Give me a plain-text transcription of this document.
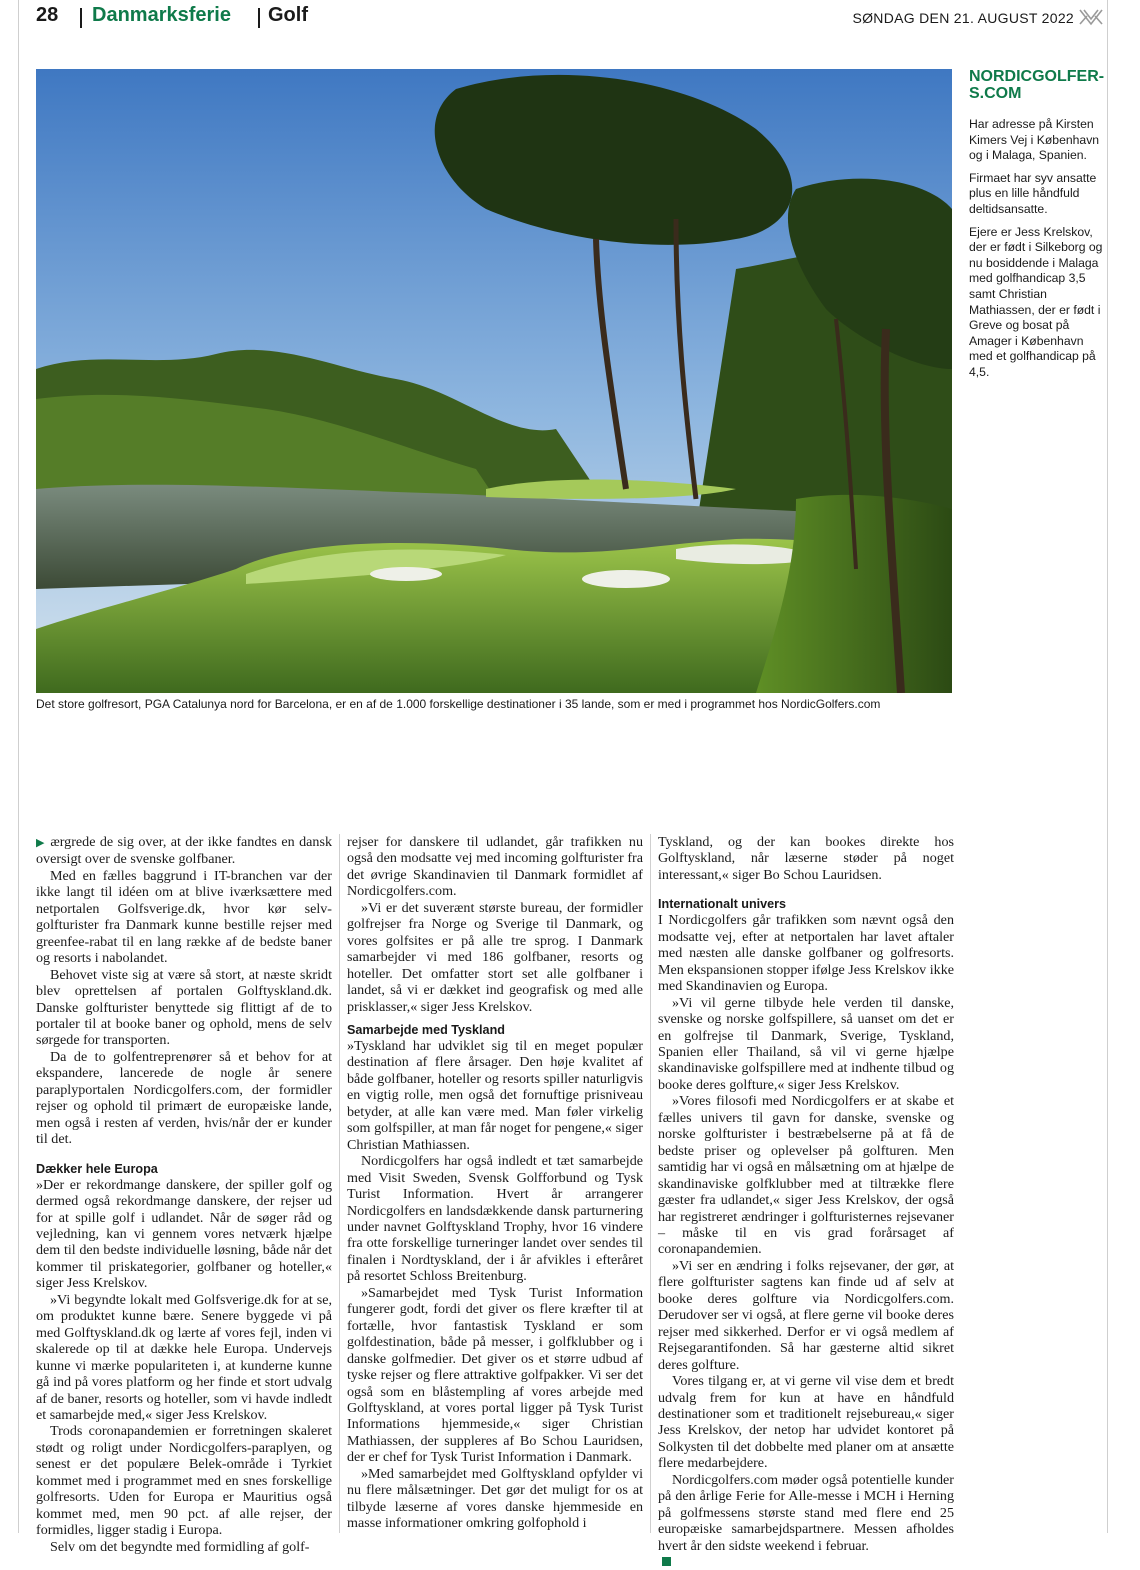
28 Danmarksferie Golf	SØNDAG DEN 21. AUGUST 2022
Det store golfresort, PGA Catalunya nord for Barcelona, er en af de 1.000 forskellige destinationer i 35 lande, som er med i programmet hos NordicGolfers.com
NORDICGOLFER-S.COM

Har adresse på Kirsten Kimers Vej i København og i Malaga, Spanien.

Firmaet har syv ansatte plus en lille håndfuld deltidsansatte.

Ejere er Jess Krelskov, der er født i Silkeborg og nu bosiddende i Malaga med golfhandicap 3,5 samt Christian Mathiassen, der er født i Greve og bosat på Amager i København med et golfhandicap på 4,5.

▶ ærgrede de sig over, at der ikke fandtes en dansk oversigt over de svenske golfbaner.

Med en fælles baggrund i IT-branchen var der ikke langt til idéen om at blive iværksættere med netportalen Golfsverige.dk, hvor kør selv-golfturister fra Danmark kunne bestille rejser med greenfee-rabat til en lang række af de bedste baner og resorts i nabolandet.

Behovet viste sig at være så stort, at næste skridt blev oprettelsen af portalen Golftyskland.dk. Danske golfturister benyttede sig flittigt af de to portaler til at booke baner og ophold, mens de selv sørgede for transporten.

Da de to golfentreprenører så et behov for at ekspandere, lancerede de nogle år senere paraplyportalen Nordicgolfers.com, der formidler rejser og ophold til primært de europæiske lande, men også i resten af verden, hvis/når der er kunder til det.

Dækker hele Europa

»Der er rekordmange danskere, der spiller golf og dermed også rekordmange danskere, der rejser ud for at spille golf i udlandet. Når de søger råd og vejledning, kan vi gennem vores netværk hjælpe dem til den bedste individuelle løsning, både når det kommer til priskategorier, golfbaner og hoteller,« siger Jess Krelskov.

»Vi begyndte lokalt med Golfsverige.dk for at se, om produktet kunne bære. Senere byggede vi på med Golftyskland.dk og lærte af vores fejl, inden vi skalerede op til at dække hele Europa. Undervejs kunne vi mærke populariteten i, at kunderne kunne gå ind på vores platform og her finde et stort udvalg af de baner, resorts og hoteller, som vi havde indledt et samarbejde med,« siger Jess Krelskov.

Trods coronapandemien er forretningen skaleret stødt og roligt under Nordicgolfers-paraplyen, og senest er det populære Belek-område i Tyrkiet kommet med i programmet med en snes forskellige golfresorts. Uden for Europa er Mauritius også kommet med, men 90 pct. af alle rejser, der formidles, ligger stadig i Europa.

Selv om det begyndte med formidling af golf-

rejser for danskere til udlandet, går trafikken nu også den modsatte vej med incoming golfturister fra det øvrige Skandinavien til Danmark formidlet af Nordicgolfers.com.

»Vi er det suverænt største bureau, der formidler golfrejser fra Norge og Sverige til Danmark, og vores golfsites er på alle tre sprog. I Danmark samarbejder vi med 186 golfbaner, resorts og hoteller. Det omfatter stort set alle golfbaner i landet, så vi er dækket ind geografisk og med alle prisklasser,« siger Jess Krelskov.

Samarbejde med Tyskland

»Tyskland har udviklet sig til en meget populær destination af flere årsager. Den høje kvalitet af både golfbaner, hoteller og resorts spiller naturligvis en vigtig rolle, men også det fornuftige prisniveau betyder, at alle kan være med. Man føler virkelig som golfspiller, at man får noget for pengene,« siger Christian Mathiassen.

Nordicgolfers har også indledt et tæt samarbejde med Visit Sweden, Svensk Golfforbund og Tysk Turist Information. Hvert år arrangerer Nordicgolfers en landsdækkende dansk parturnering under navnet Golftyskland Trophy, hvor 16 vindere fra otte forskellige turneringer landet over sendes til finalen i Nordtyskland, der i år afvikles i efteråret på resortet Schloss Breitenburg.

»Samarbejdet med Tysk Turist Information fungerer godt, fordi det giver os flere kræfter til at fortælle, hvor fantastisk Tyskland er som golfdestination, både på messer, i golfklubber og i danske golfmedier. Det giver os et større udbud af tyske rejser og flere attraktive golfpakker. Vi ser det også som en blåstempling af vores arbejde med Golftyskland, at vores portal ligger på Tysk Turist Informations hjemmeside,« siger Christian Mathiassen, der suppleres af Bo Schou Lauridsen, der er chef for Tysk Turist Information i Danmark.

»Med samarbejdet med Golftyskland opfylder vi nu flere målsætninger. Det gør det muligt for os at tilbyde læserne af vores danske hjemmeside en masse informationer omkring golfophold i

Tyskland, og der kan bookes direkte hos Golftyskland, når læserne støder på noget interessant,« siger Bo Schou Lauridsen.

Internationalt univers

I Nordicgolfers går trafikken som nævnt også den modsatte vej, efter at netportalen har lavet aftaler med næsten alle danske golfbaner og golfresorts. Men ekspansionen stopper ifølge Jess Krelskov ikke med Skandinavien og Europa.

»Vi vil gerne tilbyde hele verden til danske, svenske og norske golfspillere, så uanset om det er en golfrejse til Danmark, Sverige, Tyskland, Spanien eller Thailand, så vil vi gerne hjælpe skandinaviske golfspillere med at indhente tilbud og booke deres golfture,« siger Jess Krelskov.

»Vores filosofi med Nordicgolfers er at skabe et fælles univers til gavn for danske, svenske og norske golfturister i bestræbelserne på at få de bedste priser og oplevelser på golfturen. Men samtidig har vi også en målsætning om at hjælpe de skandinaviske golfklubber med at tiltrække flere gæster fra udlandet,« siger Jess Krelskov, der også har registreret ændringer i golfturisternes rejsevaner – måske til en vis grad forårsaget af coronapandemien.

»Vi ser en ændring i folks rejsevaner, der gør, at flere golfturister sagtens kan finde ud af selv at booke deres golfture via Nordicgolfers.com. Derudover ser vi også, at flere gerne vil booke deres rejser med sikkerhed. Derfor er vi også medlem af Rejsegarantifonden. Så har gæsterne altid sikret deres golfture.

Vores tilgang er, at vi gerne vil vise dem et bredt udvalg frem for kun at have en håndfuld destinationer som et traditionelt rejsebureau,« siger Jess Krelskov, der netop har udvidet kontoret på Solkysten til det dobbelte med planer om at ansætte flere medarbejdere.

Nordicgolfers.com møder også potentielle kunder på den årlige Ferie for Alle-messe i MCH i Herning på golfmessens største stand med flere end 25 europæiske samarbejdspartnere. Messen afholdes hvert år den sidste weekend i februar.
